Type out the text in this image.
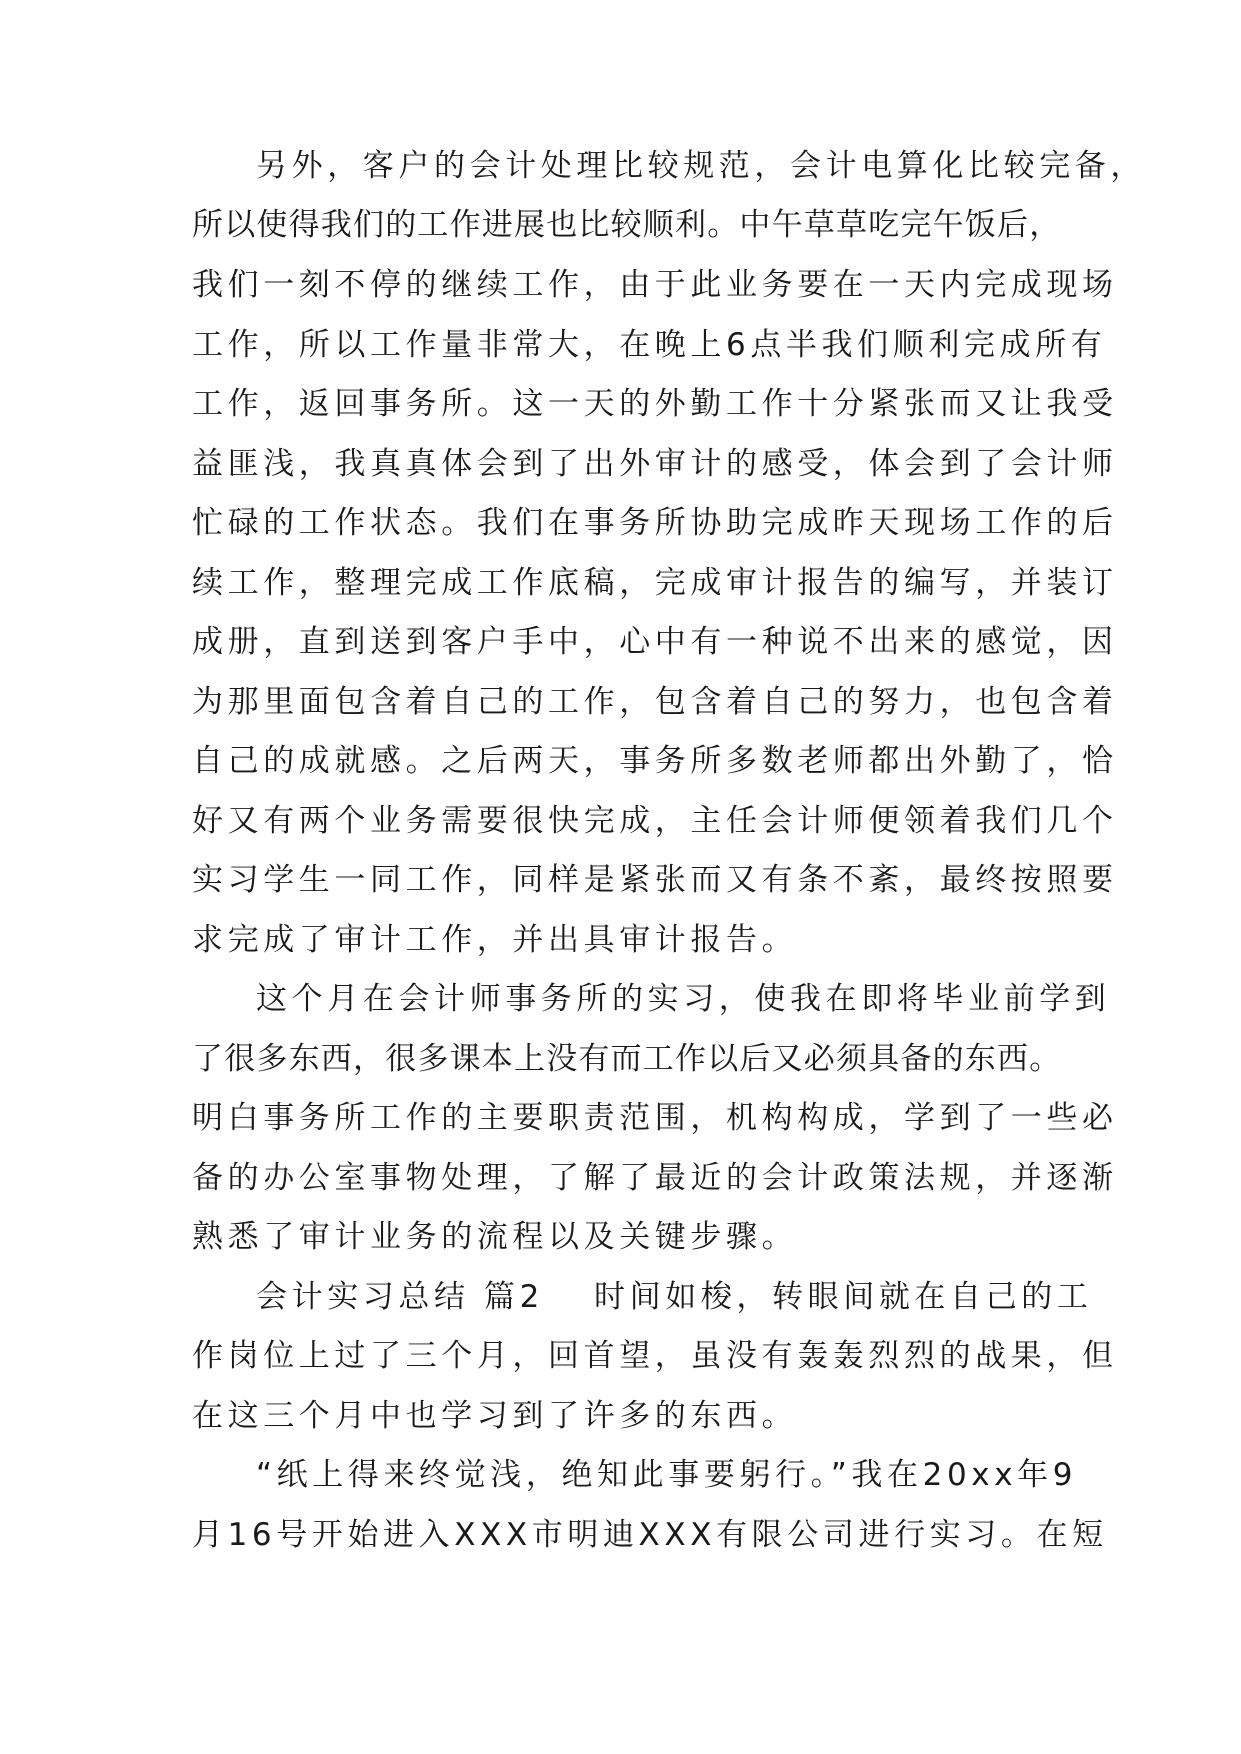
另外，客户的会计处理比较规范，会计电算化比较完备，
所以使得我们的工作进展也比较顺利。中午草草吃完午饭后，
我们一刻不停的继续工作，由于此业务要在一天内完成现场
工作，所以工作量非常大，在晚上6点半我们顺利完成所有
工作，返回事务所。这一天的外勤工作十分紧张而又让我受
益匪浅，我真真体会到了出外审计的感受，体会到了会计师
忙碌的工作状态。我们在事务所协助完成昨天现场工作的后
续工作，整理完成工作底稿，完成审计报告的编写，并装订
成册，直到送到客户手中，心中有一种说不出来的感觉，因
为那里面包含着自己的工作，包含着自己的努力，也包含着
自己的成就感。之后两天，事务所多数老师都出外勤了，恰
好又有两个业务需要很快完成，主任会计师便领着我们几个
实习学生一同工作，同样是紧张而又有条不紊，最终按照要
求完成了审计工作，并出具审计报告。
这个月在会计师事务所的实习，使我在即将毕业前学到
了很多东西，很多课本上没有而工作以后又必须具备的东西。
明白事务所工作的主要职责范围，机构构成，学到了一些必
备的办公室事物处理，了解了最近的会计政策法规，并逐渐
熟悉了审计业务的流程以及关键步骤。
会计实习总结 篇2 　时间如梭，转眼间就在自己的工
作岗位上过了三个月，回首望，虽没有轰轰烈烈的战果，但
在这三个月中也学习到了许多的东西。
“纸上得来终觉浅，绝知此事要躬行。”我在20xx年9
月16号开始进入XXX市明迪XXX有限公司进行实习。在短
